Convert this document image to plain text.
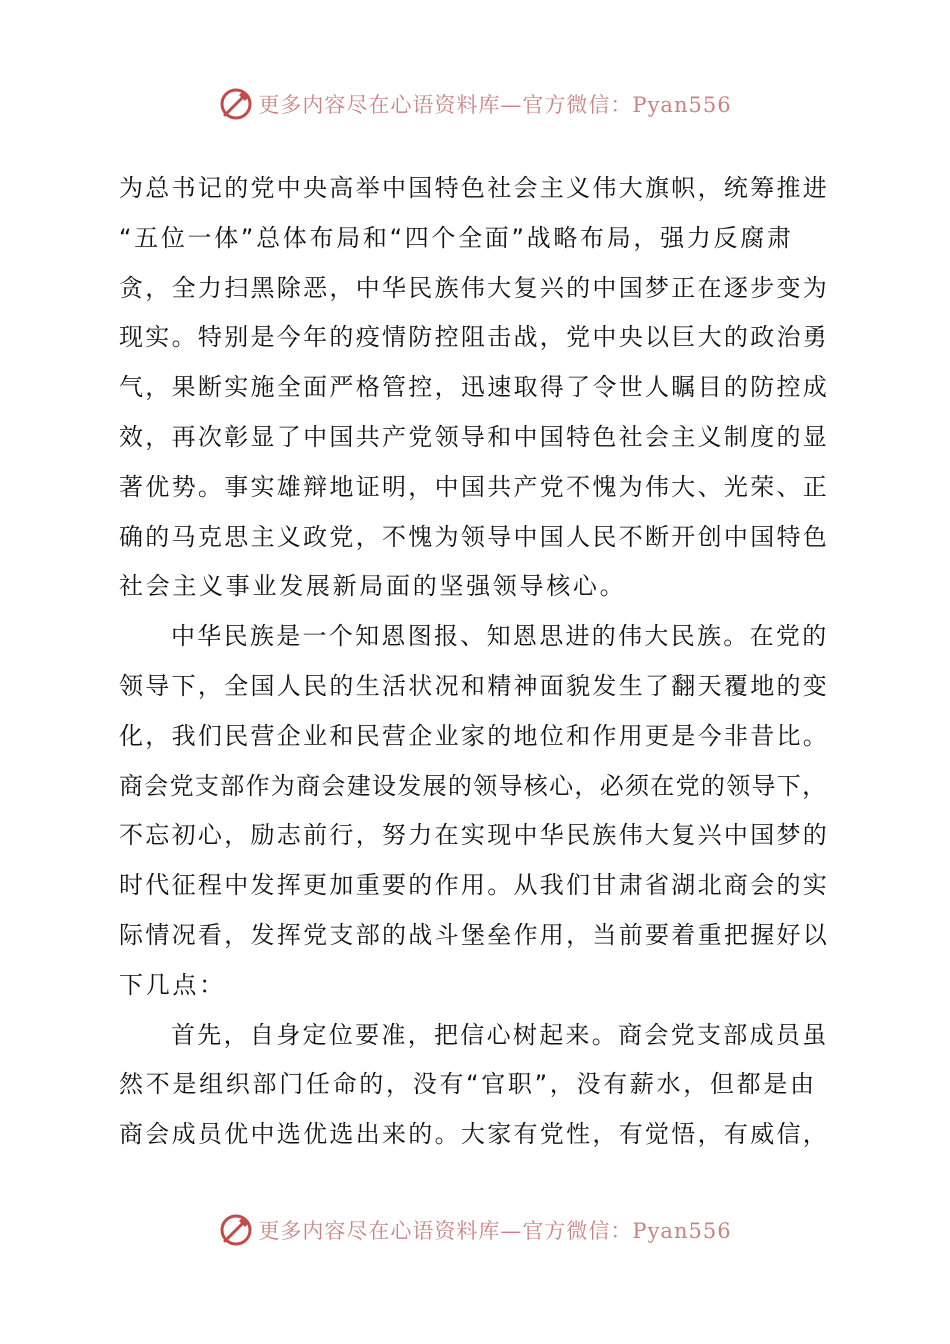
更多内容尽在心语资料库—官方微信：Pyan556
为总书记的党中央高举中国特色社会主义伟大旗帜，统筹推进
“五位一体”总体布局和“四个全面”战略布局，强力反腐肃
贪，全力扫黑除恶，中华民族伟大复兴的中国梦正在逐步变为
现实。特别是今年的疫情防控阻击战，党中央以巨大的政治勇
气，果断实施全面严格管控，迅速取得了令世人瞩目的防控成
效，再次彰显了中国共产党领导和中国特色社会主义制度的显
著优势。事实雄辩地证明，中国共产党不愧为伟大、光荣、正
确的马克思主义政党，不愧为领导中国人民不断开创中国特色
社会主义事业发展新局面的坚强领导核心。
中华民族是一个知恩图报、知恩思进的伟大民族。在党的
领导下，全国人民的生活状况和精神面貌发生了翻天覆地的变
化，我们民营企业和民营企业家的地位和作用更是今非昔比。
商会党支部作为商会建设发展的领导核心，必须在党的领导下，
不忘初心，励志前行，努力在实现中华民族伟大复兴中国梦的
时代征程中发挥更加重要的作用。从我们甘肃省湖北商会的实
际情况看，发挥党支部的战斗堡垒作用，当前要着重把握好以
下几点：
首先，自身定位要准，把信心树起来。商会党支部成员虽
然不是组织部门任命的，没有“官职”，没有薪水，但都是由
商会成员优中选优选出来的。大家有党性，有觉悟，有威信，
更多内容尽在心语资料库—官方微信：Pyan556
